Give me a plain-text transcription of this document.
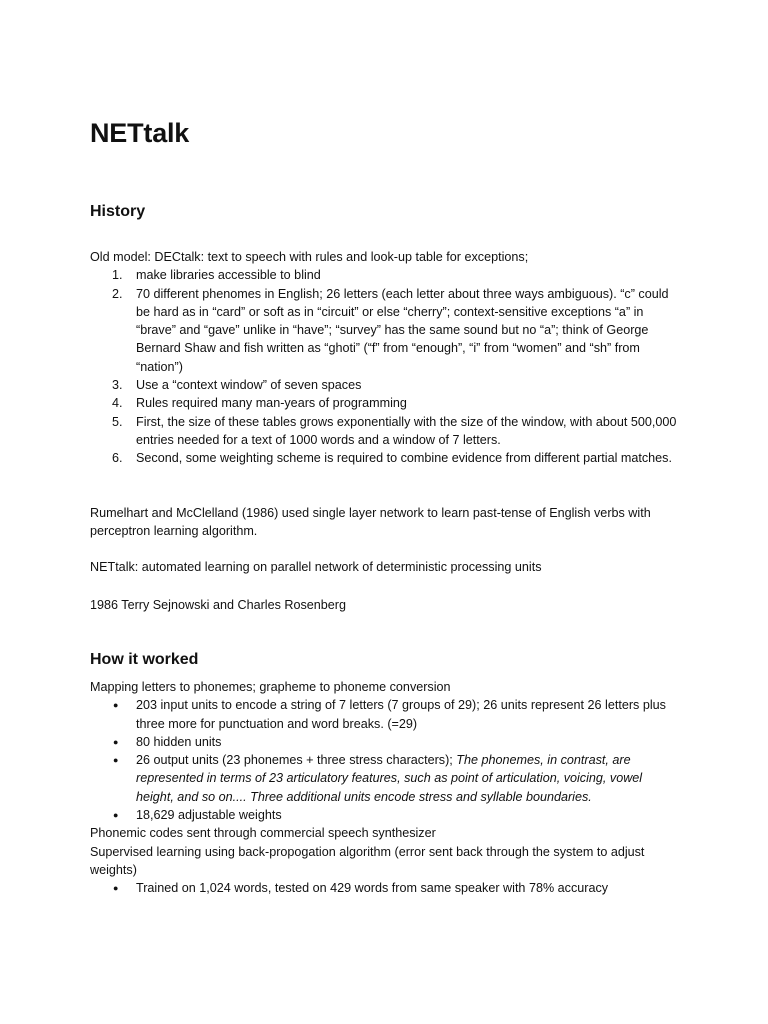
NETtalk
History

Old model: DECtalk: text to speech with rules and look-up table for exceptions;

make libraries accessible to blind
70 different phenomes in English; 26 letters (each letter about three ways ambiguous). “c” could be hard as in “card” or soft as in “circuit” or else “cherry”; context-sensitive exceptions “a” in “brave” and “gave” unlike in “have”; “survey” has the same sound but no “a”; think of George Bernard Shaw and fish written as “ghoti” (“f” from “enough”, “i” from “women” and “sh” from “nation”)
Use a “context window” of seven spaces
Rules required many man-years of programming
First, the size of these tables grows exponentially with the size of the window, with about 500,000 entries needed for a text of 1000 words and a window of 7 letters.
Second, some weighting scheme is required to combine evidence from different partial matches.

Rumelhart and McClelland (1986) used single layer network to learn past-tense of English verbs with perceptron learning algorithm.

NETtalk: automated learning on parallel network of deterministic processing units

1986 Terry Sejnowski and Charles Rosenberg

How it worked

Mapping letters to phonemes; grapheme to phoneme conversion

● 203 input units to encode a string of 7 letters (7 groups of 29); 26 units represent 26 letters plus three more for punctuation and word breaks. (=29)
● 80 hidden units
● 26 output units (23 phonemes + three stress characters); The phonemes, in contrast, are represented in terms of 23 articulatory features, such as point of articulation, voicing, vowel height, and so on.... Three additional units encode stress and syllable boundaries.
● 18,629 adjustable weights

Phonemic codes sent through commercial speech synthesizer

Supervised learning using back-propogation algorithm (error sent back through the system to adjust weights)

● Trained on 1,024 words, tested on 429 words from same speaker with 78% accuracy
